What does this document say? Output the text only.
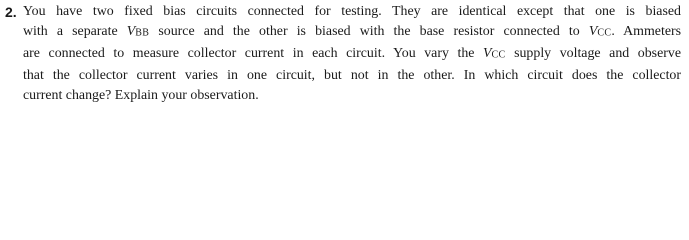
2. You have two fixed bias circuits connected for testing. They are identical except that one is biased
with a separate VBB source and the other is biased with the base resistor connected to VCC. Ammeters
are connected to measure collector current in each circuit. You vary the VCC supply voltage and observe
that the collector current varies in one circuit, but not in the other. In which circuit does the collector
current change? Explain your observation.
